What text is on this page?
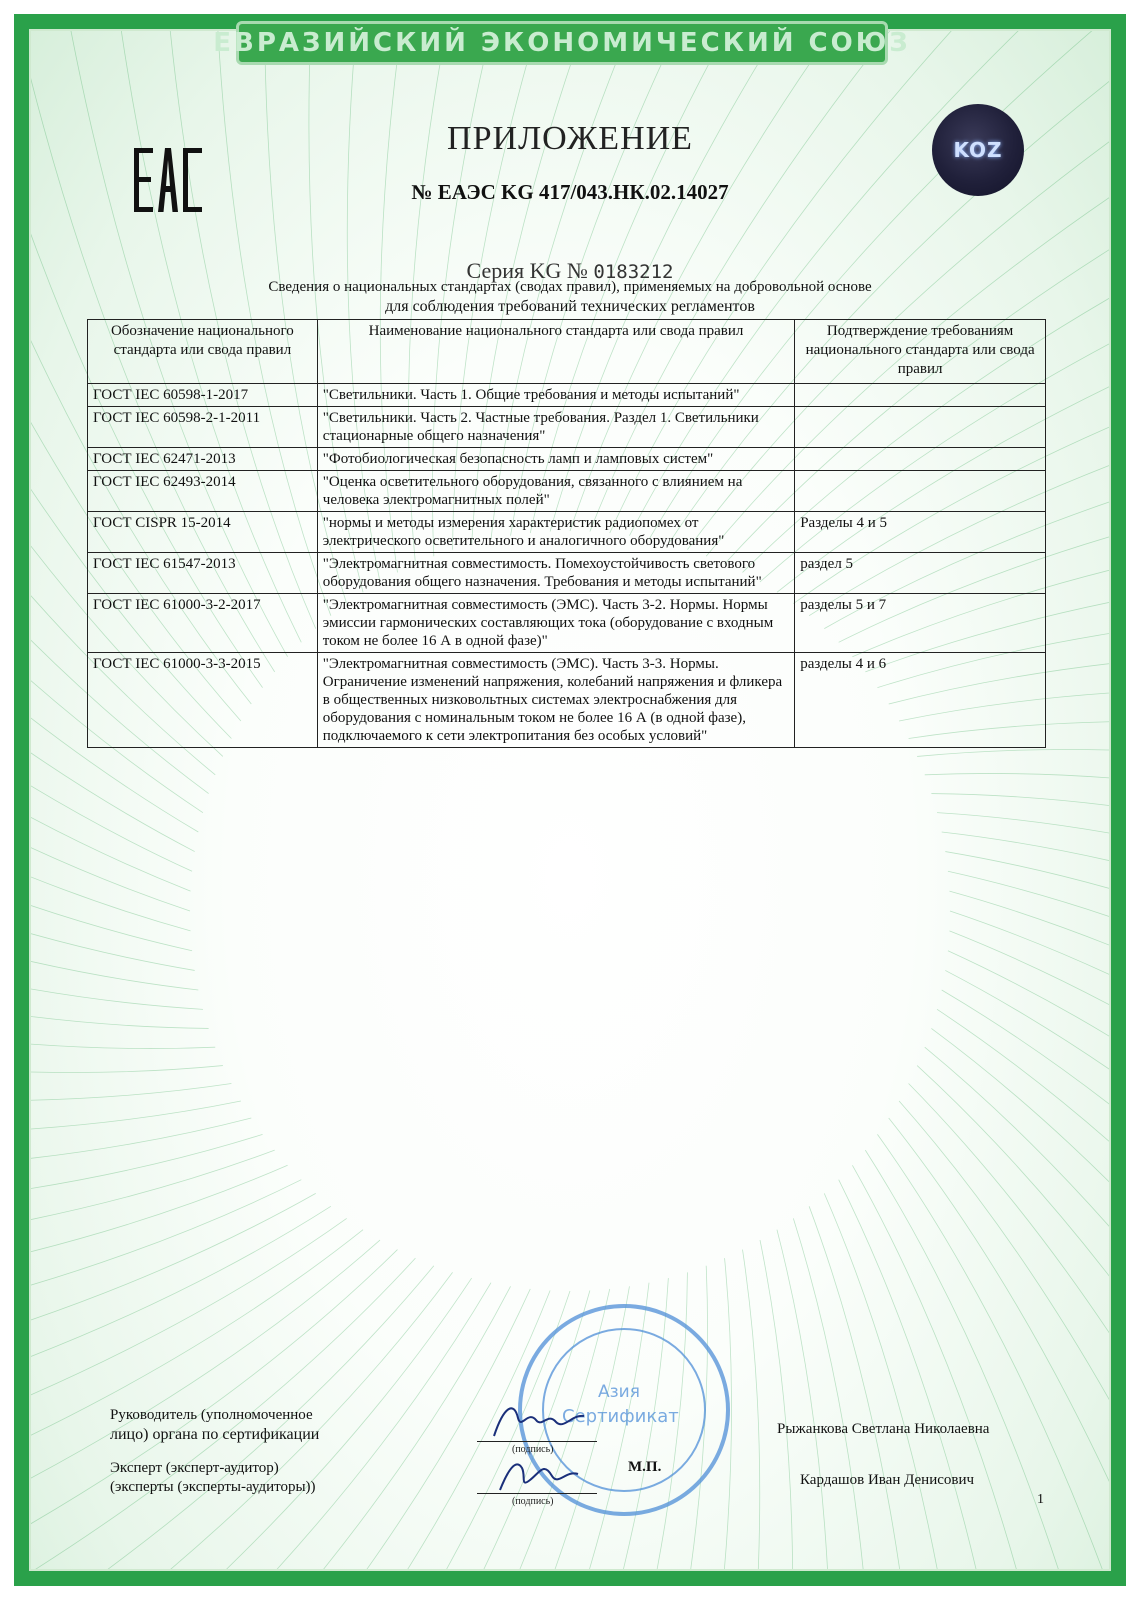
ЕВРАЗИЙСКИЙ ЭКОНОМИЧЕСКИЙ СОЮЗ
KOZ
ПРИЛОЖЕНИЕ
№ ЕАЭС KG 417/043.НК.02.14027
Серия KG № 0183212
Сведения о национальных стандартах (сводах правил), применяемых на добровольной основе
для соблюдения требований технических регламентов
Обозначение национального стандарта или свода правил	Наименование национального стандарта или свода правил	Подтверждение требованиям национального стандарта или свода правил
ГОСТ IEC 60598-1-2017	"Светильники. Часть 1. Общие требования и методы испытаний"	
ГОСТ IEC 60598-2-1-2011	"Светильники. Часть 2. Частные требования. Раздел 1. Светильники стационарные общего назначения"	
ГОСТ IEC 62471-2013	"Фотобиологическая безопасность ламп и ламповых систем"	
ГОСТ IEC 62493-2014	"Оценка осветительного оборудования, связанного с влиянием на человека электромагнитных полей"	
ГОСТ CISPR 15-2014	"нормы и методы измерения характеристик радиопомех от электрического осветительного и аналогичного оборудования"	Разделы 4 и 5
ГОСТ IEC 61547-2013	"Электромагнитная совместимость. Помехоустойчивость светового оборудования общего назначения. Требования и методы испытаний"	раздел 5
ГОСТ IEC 61000-3-2-2017	"Электромагнитная совместимость (ЭМС). Часть 3-2. Нормы. Нормы эмиссии гармонических составляющих тока (оборудование с входным током не более 16 А в одной фазе)"	разделы 5 и 7
ГОСТ IEC 61000-3-3-2015	"Электромагнитная совместимость (ЭМС). Часть 3-3. Нормы. Ограничение изменений напряжения, колебаний напряжения и фликера в общественных низковольтных системах электроснабжения для оборудования с номинальным током не более 16 А (в одной фазе), подключаемого к сети электропитания без особых условий"	разделы 4 и 6
Азия
Сертификат
Руководитель (уполномоченное
лицо) органа по сертификации
Эксперт (эксперт-аудитор)
(эксперты (эксперты-аудиторы))
(подпись)
(подпись)
М.П.
Рыжанкова Светлана Николаевна
Кардашов Иван Денисович
1
